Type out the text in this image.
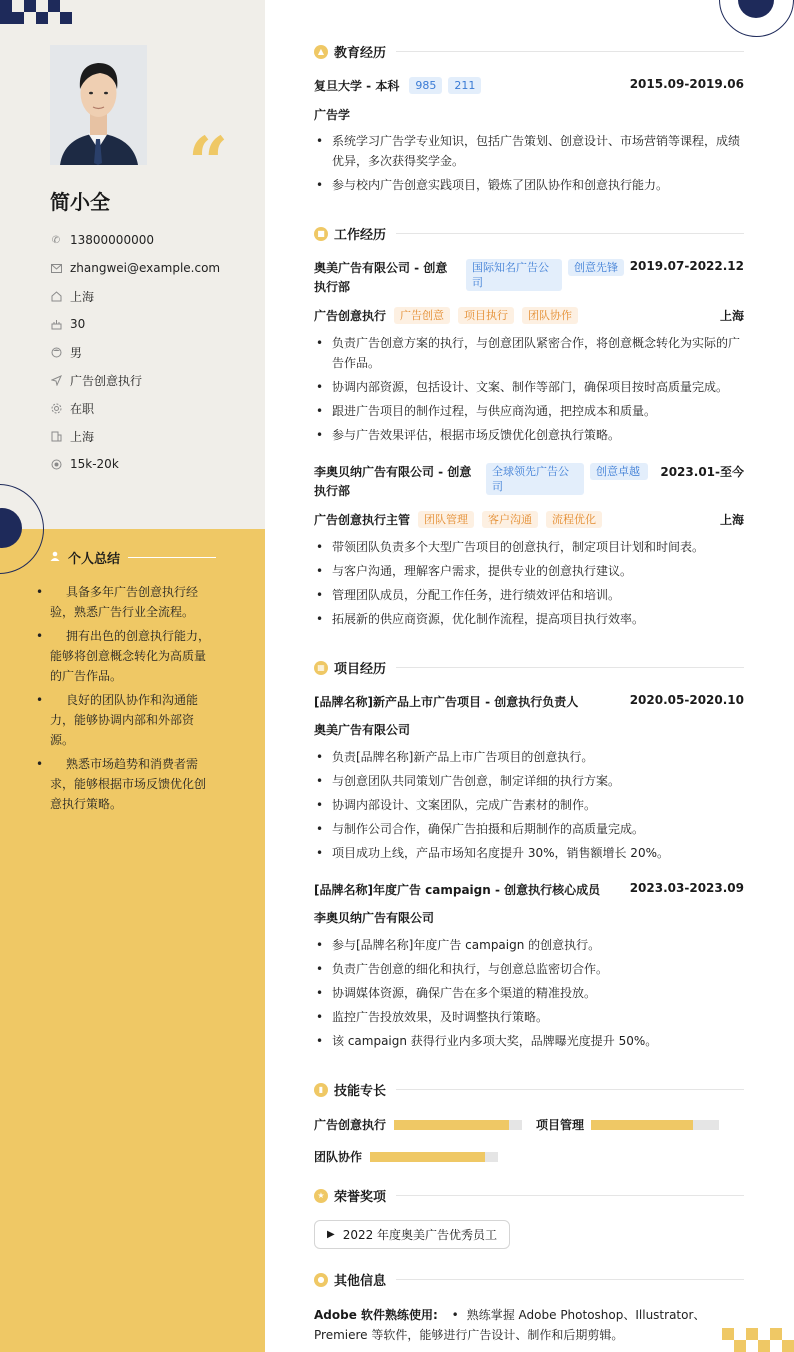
“
简小全
✆ 13800000000
zhangwei@example.com
上海
30
男
广告创意执行
在职
上海
15k-20k
个人总结
• 具备多年广告创意执行经验，熟悉广告行业全流程。
• 拥有出色的创意执行能力，能够将创意概念转化为高质量的广告作品。
• 良好的团队协作和沟通能力，能够协调内部和外部资源。
• 熟悉市场趋势和消费者需求，能够根据市场反馈优化创意执行策略。
▲ 教育经历
复旦大学 - 本科	985	211	2015.09-2019.06
广告学
• 系统学习广告学专业知识，包括广告策划、创意设计、市场营销等课程，成绩优异，多次获得奖学金。
• 参与校内广告创意实践项目，锻炼了团队协作和创意执行能力。
■ 工作经历
奥美广告有限公司 - 创意执行部
国际知名广告公司
创意先锋 2019.07-2022.12
广告创意执行	广告创意	项目执行	团队协作	上海
• 负责广告创意方案的执行，与创意团队紧密合作，将创意概念转化为实际的广告作品。
• 协调内部资源，包括设计、文案、制作等部门，确保项目按时高质量完成。
• 跟进广告项目的制作过程，与供应商沟通，把控成本和质量。
• 参与广告效果评估，根据市场反馈优化创意执行策略。
李奥贝纳广告有限公司 - 创意执行部
全球领先广告公司
创意卓越	2023.01-至今
广告创意执行主管	团队管理	客户沟通	流程优化	上海
• 带领团队负责多个大型广告项目的创意执行，制定项目计划和时间表。
• 与客户沟通，理解客户需求，提供专业的创意执行建议。
• 管理团队成员，分配工作任务，进行绩效评估和培训。
• 拓展新的供应商资源，优化制作流程，提高项目执行效率。
▦ 项目经历
[品牌名称]新产品上市广告项目 - 创意执行负责人	2020.05-2020.10
奥美广告有限公司
• 负责[品牌名称]新产品上市广告项目的创意执行。
• 与创意团队共同策划广告创意，制定详细的执行方案。
• 协调内部设计、文案团队，完成广告素材的制作。
• 与制作公司合作，确保广告拍摄和后期制作的高质量完成。
• 项目成功上线，产品市场知名度提升 30%，销售额增长 20%。
[品牌名称]年度广告 campaign - 创意执行核心成员 2023.03-2023.09
李奥贝纳广告有限公司
• 参与[品牌名称]年度广告 campaign 的创意执行。
• 负责广告创意的细化和执行，与创意总监密切合作。
• 协调媒体资源，确保广告在多个渠道的精准投放。
• 监控广告投放效果，及时调整执行策略。
• 该 campaign 获得行业内多项大奖，品牌曝光度提升 50%。
▮ 技能专长
广告创意执行	项目管理
团队协作
★ 荣誉奖项
▶ 2022 年度奥美广告优秀员工
● 其他信息
Adobe 软件熟练使用: • 熟练掌握 Adobe Photoshop、Illustrator、Premiere 等软件，能够进行广告设计、制作和后期剪辑。
